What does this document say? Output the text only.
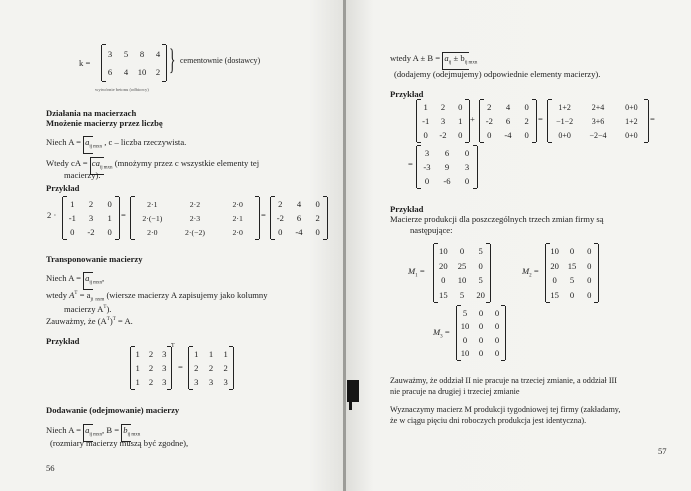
k =
3 5 8 4
6 4 10 2 } cementownie (dostawcy)
wytwórnie betonu (odbiorcy)
Działania na macierzach
Mnożenie macierzy przez liczbę
Niech $A = a_{ijmxn}$ , c – liczba rzeczywista.
Wtedy cA = $ca_{ijmxn}$ (mnożymy przez c wszystkie elementy tej
macierzy).
Przykład
2 ·
1 2 0
-1 3 1
0 -2 0
=
2·1	2·2	2·0
2·(−1)	2·3	2·1
2·0	2·(−2)	2·0
=
2 4 0
-2 6 2
0 -4 0
Transponowanie macierzy
Niech $A = a_{ijmxn}$,
wtedy $A^T = a_{ji}$ $_{nxm}$ (wiersze macierzy A zapisujemy jako kolumny
macierzy $A^T$).
Zauważmy, że $(A^T)^T = A$.
Przykład
1 2 3
1 2 3
1 2 3
T
=
1 1 1
2 2 2
3 3 3
Dodawanie (odejmowanie) macierzy
Niech $A = a_{ijmxn}$, $B = b_{ijmxn}$
(rozmiary macierzy muszą być zgodne),
56
wtedy $A \pm B = a_{ij} \pm b_{ijmxn}$
(dodajemy (odejmujemy) odpowiednie elementy macierzy).
Przykład
1 2 0
-1 3 1
0 -2 0
+
2 4 0
-2 6 2
0 -4 0
=
1+2	2+4	0+0
−1−2 3+6	1+2
0+0 −2−4 0+0
=
=
3 6 0
-3 9 3
0 -6 0
Przykład
Macierze produkcji dla poszczególnych trzech zmian firmy są
następujące:
$M_1$ =
10 0 5
20 25 0
0 10 5
15 5 20
$M_2$ =
10 0 0
20 15 0
0 5 0
15 0 0
$M_3$ =
5 0 0
10 0 0
0 0 0
10 0 0
Zauważmy, że oddział II nie pracuje na trzeciej zmianie, a oddział III
nie pracuje na drugiej i trzeciej zmianie
Wyznaczymy macierz M produkcji tygodniowej tej firmy (zakładamy,
że w ciągu pięciu dni roboczych produkcja jest identyczna).
57
